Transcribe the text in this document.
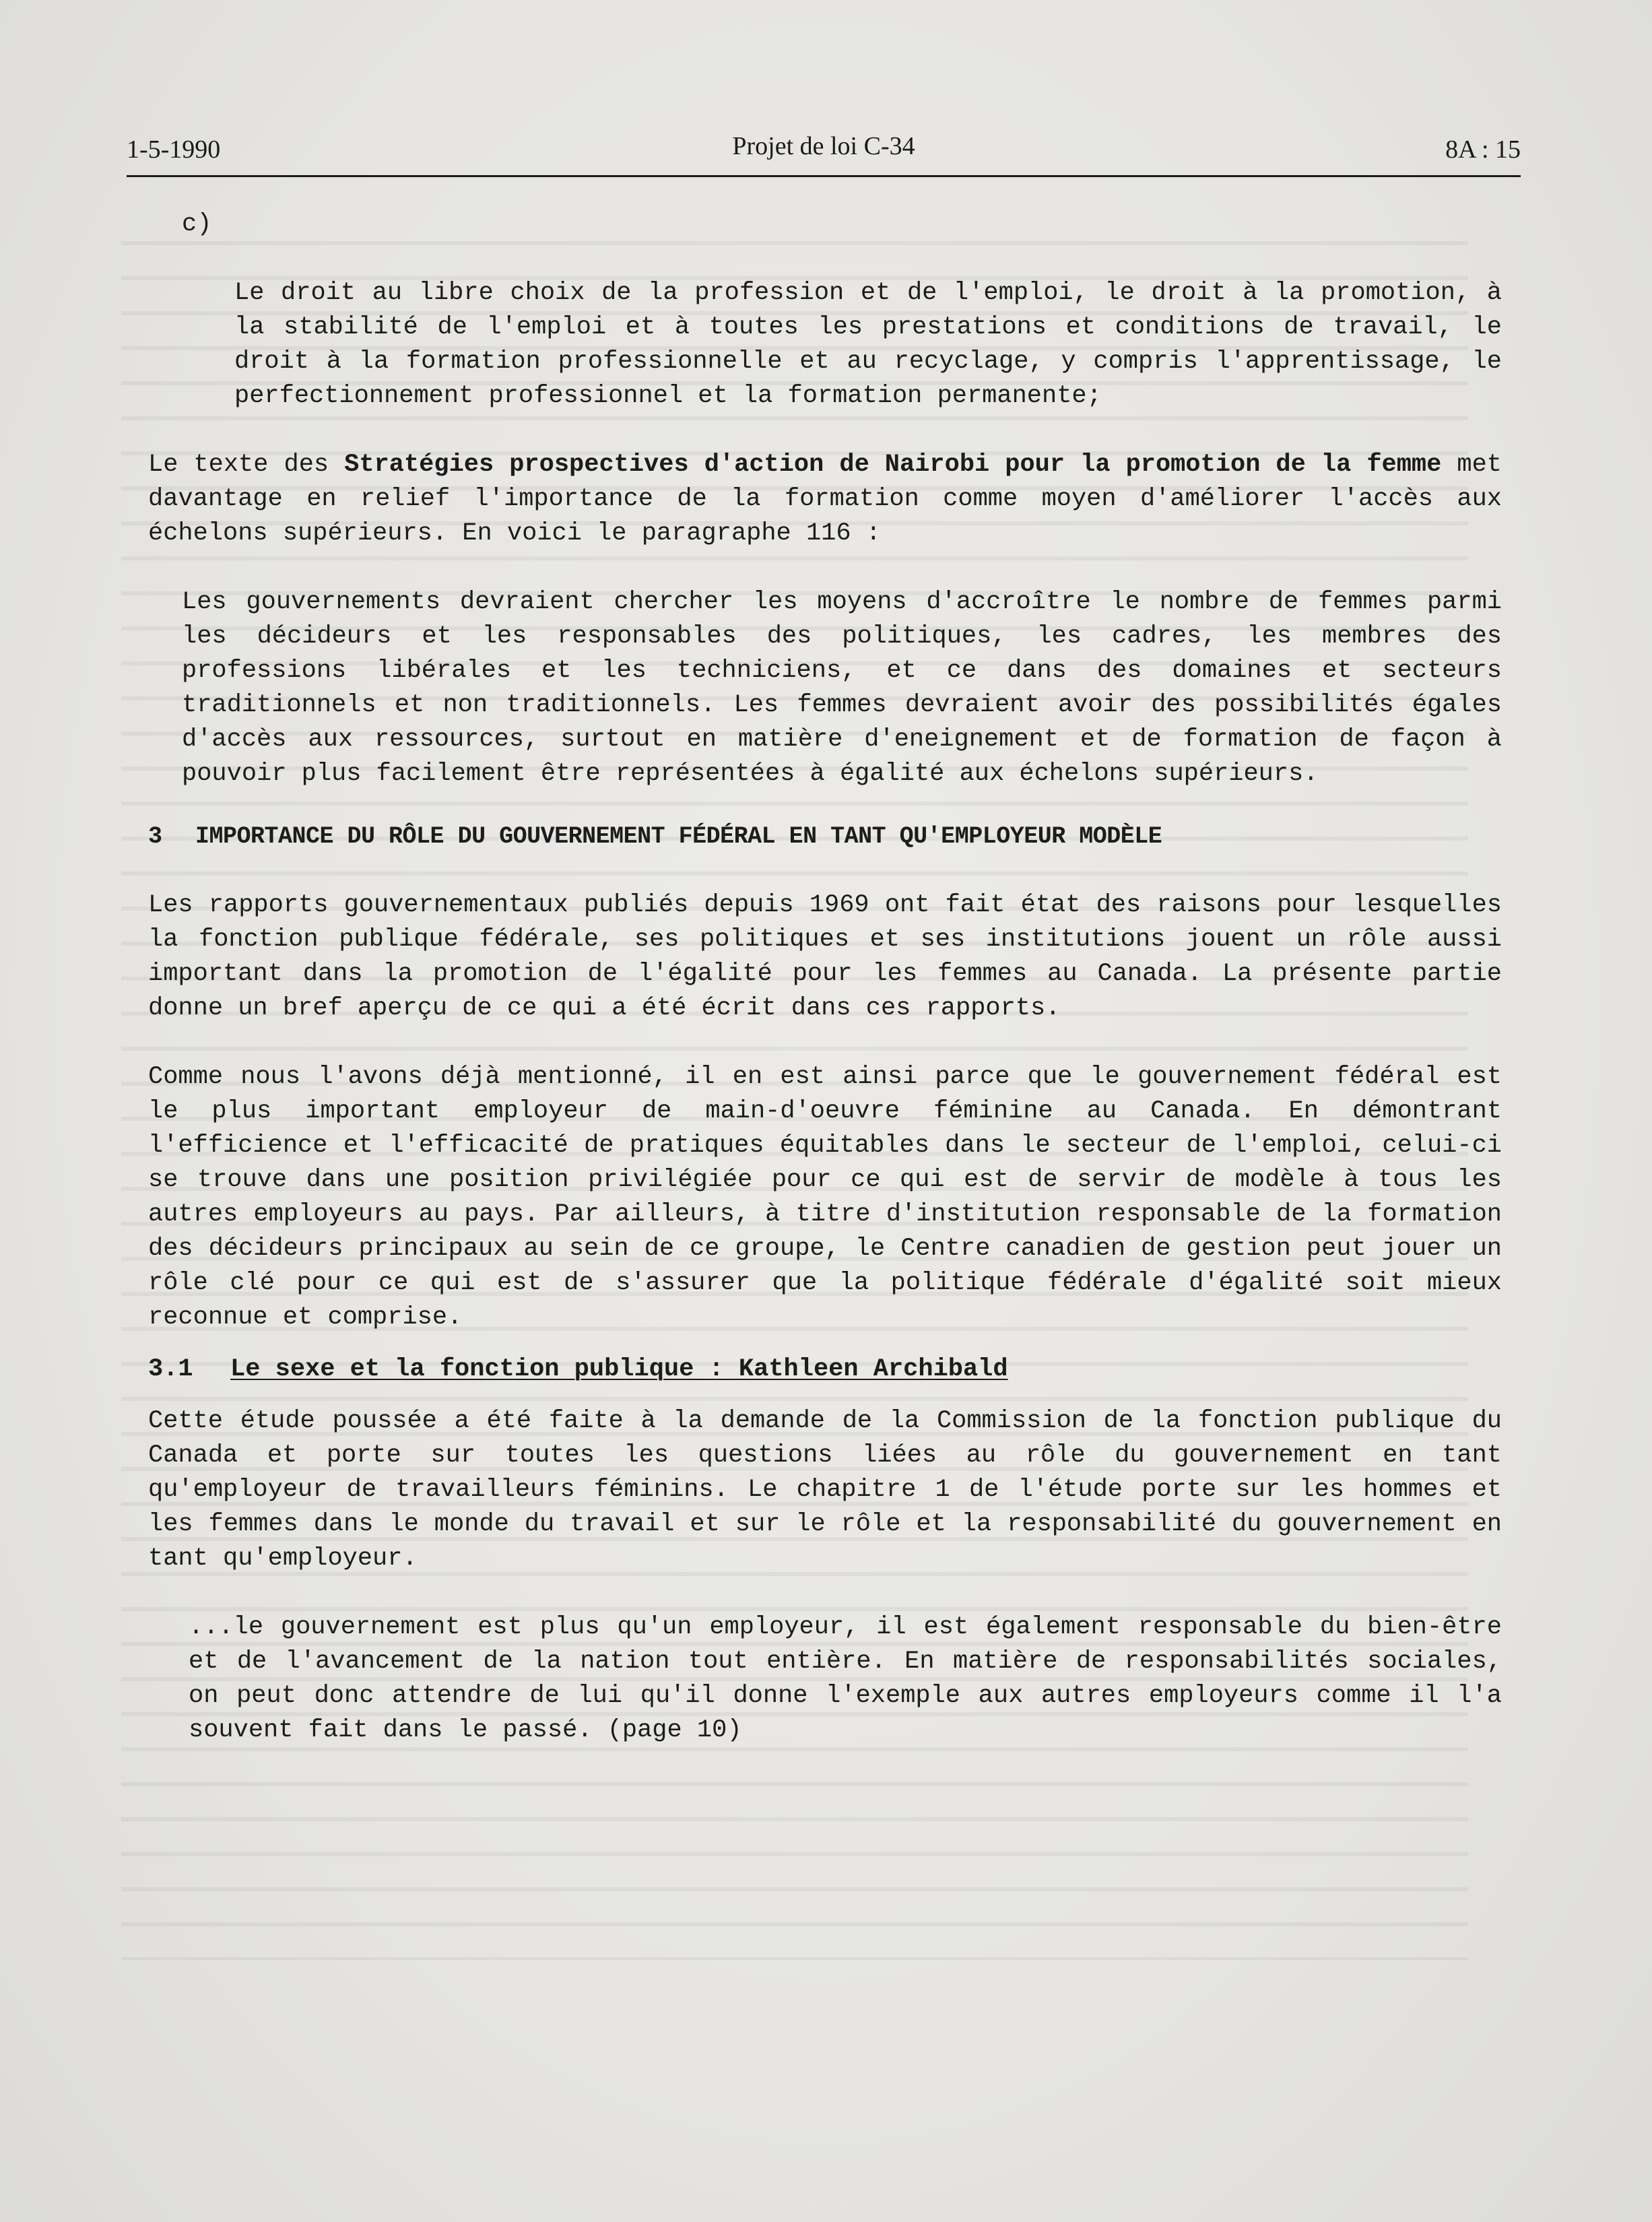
1-5-1990	Projet de loi C-34	8A : 15

c)

Le droit au libre choix de la profession et de l'emploi, le droit à la promotion, à la stabilité de l'emploi et à toutes les prestations et conditions de travail, le droit à la formation professionnelle et au recyclage, y compris l'apprentissage, le perfectionnement professionnel et la formation permanente;

Le texte des Stratégies prospectives d'action de Nairobi pour la promotion de la femme met davantage en relief l'importance de la formation comme moyen d'améliorer l'accès aux échelons supérieurs. En voici le paragraphe 116 :

Les gouvernements devraient chercher les moyens d'accroître le nombre de femmes parmi les décideurs et les responsables des politiques, les cadres, les membres des professions libérales et les techniciens, et ce dans des domaines et secteurs traditionnels et non traditionnels. Les femmes devraient avoir des possibilités égales d'accès aux ressources, surtout en matière d'eneignement et de formation de façon à pouvoir plus facilement être représentées à égalité aux échelons supérieurs.

3 IMPORTANCE DU RÔLE DU GOUVERNEMENT FÉDÉRAL EN TANT QU'EMPLOYEUR MODÈLE

Les rapports gouvernementaux publiés depuis 1969 ont fait état des raisons pour lesquelles la fonction publique fédérale, ses politiques et ses institutions jouent un rôle aussi important dans la promotion de l'égalité pour les femmes au Canada. La présente partie donne un bref aperçu de ce qui a été écrit dans ces rapports.

Comme nous l'avons déjà mentionné, il en est ainsi parce que le gouvernement fédéral est le plus important employeur de main-d'oeuvre féminine au Canada. En démontrant l'efficience et l'efficacité de pratiques équitables dans le secteur de l'emploi, celui-ci se trouve dans une position privilégiée pour ce qui est de servir de modèle à tous les autres employeurs au pays. Par ailleurs, à titre d'institution responsable de la formation des décideurs principaux au sein de ce groupe, le Centre canadien de gestion peut jouer un rôle clé pour ce qui est de s'assurer que la politique fédérale d'égalité soit mieux reconnue et comprise.

3.1 Le sexe et la fonction publique : Kathleen Archibald

Cette étude poussée a été faite à la demande de la Commission de la fonction publique du Canada et porte sur toutes les questions liées au rôle du gouvernement en tant qu'employeur de travailleurs féminins. Le chapitre 1 de l'étude porte sur les hommes et les femmes dans le monde du travail et sur le rôle et la responsabilité du gouvernement en tant qu'employeur.

...le gouvernement est plus qu'un employeur, il est également responsable du bien-être et de l'avancement de la nation tout entière. En matière de responsabilités sociales, on peut donc attendre de lui qu'il donne l'exemple aux autres employeurs comme il l'a souvent fait dans le passé. (page 10)
